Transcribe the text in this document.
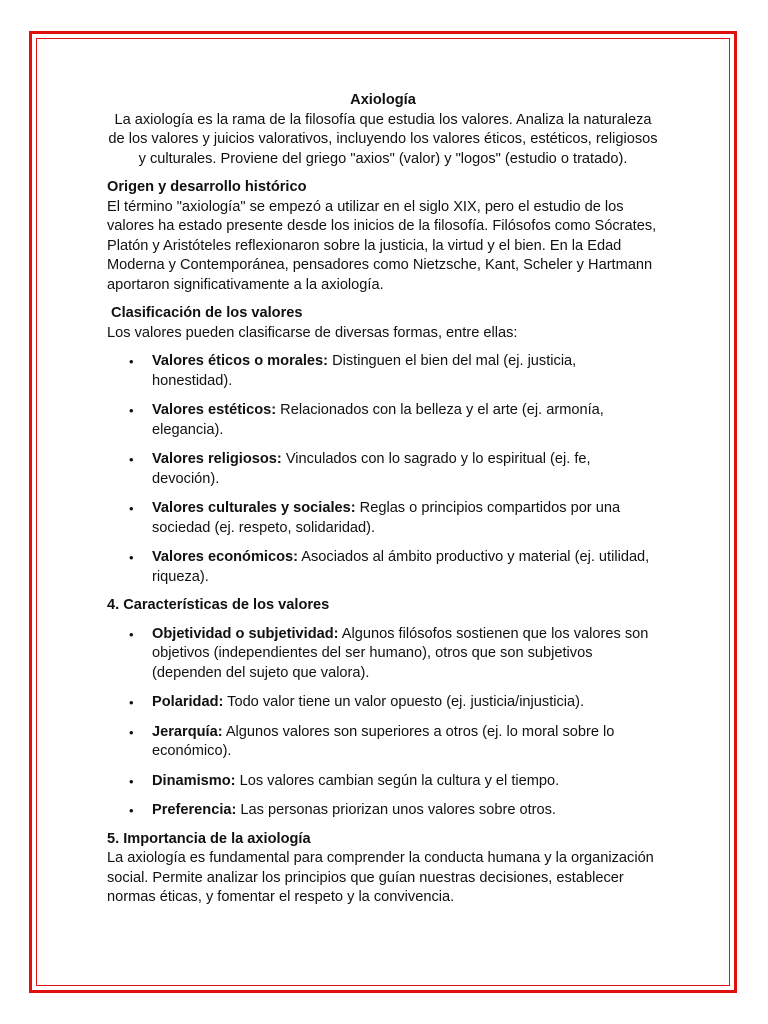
Axiología

La axiología es la rama de la filosofía que estudia los valores. Analiza la naturaleza de los valores y juicios valorativos, incluyendo los valores éticos, estéticos, religiosos y culturales. Proviene del griego "axios" (valor) y "logos" (estudio o tratado).

Origen y desarrollo histórico

El término "axiología" se empezó a utilizar en el siglo XIX, pero el estudio de los valores ha estado presente desde los inicios de la filosofía. Filósofos como Sócrates, Platón y Aristóteles reflexionaron sobre la justicia, la virtud y el bien. En la Edad Moderna y Contemporánea, pensadores como Nietzsche, Kant, Scheler y Hartmann aportaron significativamente a la axiología.

Clasificación de los valores

Los valores pueden clasificarse de diversas formas, entre ellas:

• Valores éticos o morales: Distinguen el bien del mal (ej. justicia, honestidad).
• Valores estéticos: Relacionados con la belleza y el arte (ej. armonía, elegancia).
• Valores religiosos: Vinculados con lo sagrado y lo espiritual (ej. fe, devoción).
• Valores culturales y sociales: Reglas o principios compartidos por una sociedad (ej. respeto, solidaridad).
• Valores económicos: Asociados al ámbito productivo y material (ej. utilidad, riqueza).

4. Características de los valores

• Objetividad o subjetividad: Algunos filósofos sostienen que los valores son objetivos (independientes del ser humano), otros que son subjetivos (dependen del sujeto que valora).
• Polaridad: Todo valor tiene un valor opuesto (ej. justicia/injusticia).
• Jerarquía: Algunos valores son superiores a otros (ej. lo moral sobre lo económico).
• Dinamismo: Los valores cambian según la cultura y el tiempo.
• Preferencia: Las personas priorizan unos valores sobre otros.

5. Importancia de la axiología

La axiología es fundamental para comprender la conducta humana y la organización social. Permite analizar los principios que guían nuestras decisiones, establecer normas éticas, y fomentar el respeto y la convivencia.
